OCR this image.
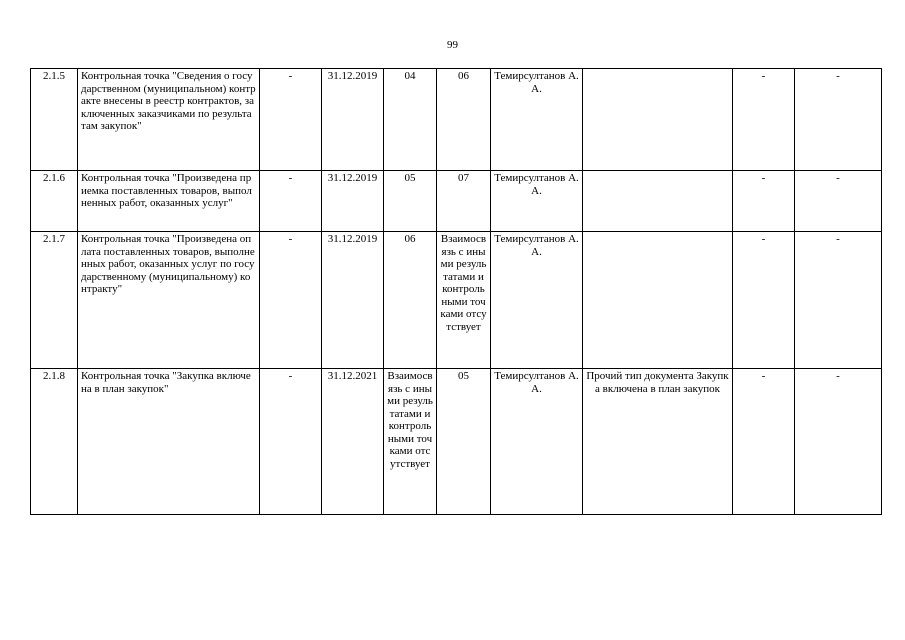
99
2.1.5	Контрольная точка "Сведения о государственном (муниципальном) контракте внесены в реестр контрактов, заключенных заказчиками по результатам закупок"	-	31.12.2019	04	06	Темирсултанов А.А.		-	-
2.1.6	Контрольная точка "Произведена приемка поставленных товаров, выполненных работ, оказанных услуг"	-	31.12.2019	05	07	Темирсултанов А.А.		-	-
2.1.7	Контрольная точка "Произведена оплата поставленных товаров, выполненных работ, оказанных услуг по государственному (муниципальному) контракту"	-	31.12.2019	06	Взаимосвязь с иными результатами и контрольными точками отсутствует	Темирсултанов А.А.		-	-
2.1.8	Контрольная точка "Закупка включена в план закупок"	-	31.12.2021	Взаимосвязь с иными результатами и контрольными точками отсутствует	05	Темирсултанов А.А.	Прочий тип документа Закупка включена в план закупок	-	-
